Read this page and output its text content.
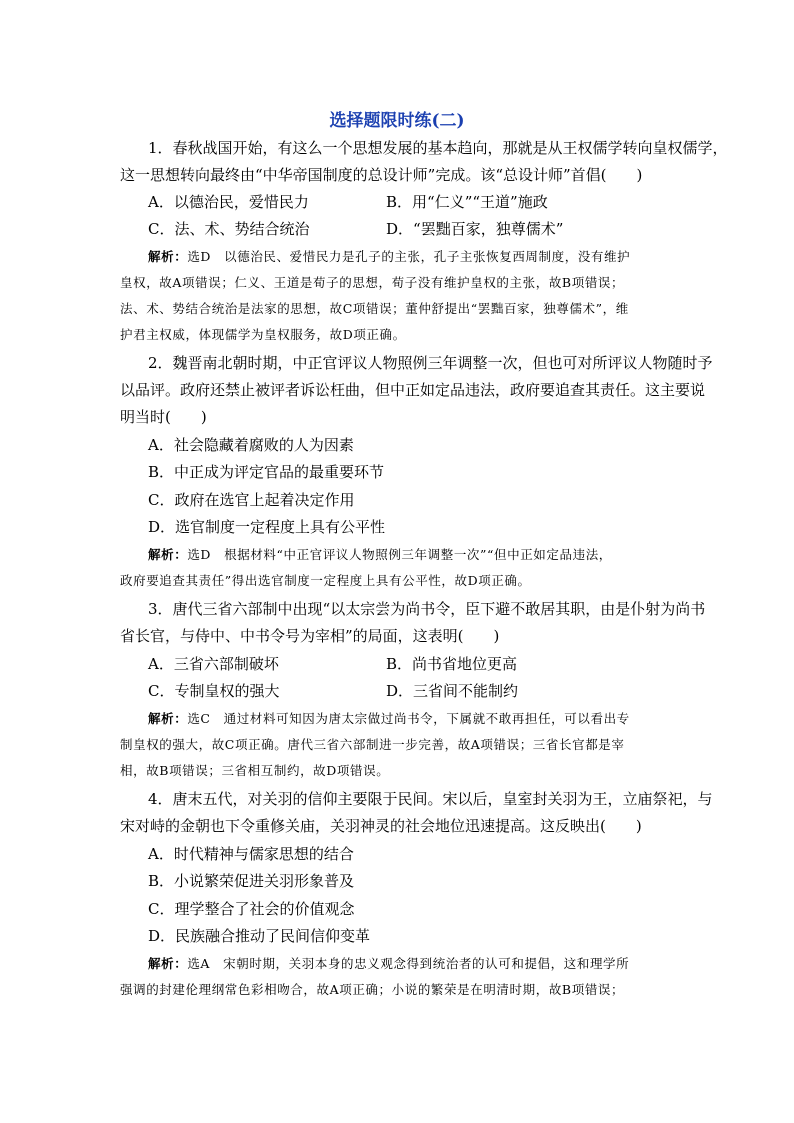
选择题限时练(二)
1．春秋战国开始，有这么一个思想发展的基本趋向，那就是从王权儒学转向皇权儒学，
这一思想转向最终由“中华帝国制度的总设计师”完成。该“总设计师”首倡(　　)
A．以德治民，爱惜民力	B．用“仁义”“王道”施政
C．法、术、势结合统治	D．“罢黜百家，独尊儒术”
解析：选D　以德治民、爱惜民力是孔子的主张，孔子主张恢复西周制度，没有维护
皇权，故A项错误；仁义、王道是荀子的思想，荀子没有维护皇权的主张，故B项错误；
法、术、势结合统治是法家的思想，故C项错误；董仲舒提出“罢黜百家，独尊儒术”，维
护君主权威，体现儒学为皇权服务，故D项正确。
2．魏晋南北朝时期，中正官评议人物照例三年调整一次，但也可对所评议人物随时予
以品评。政府还禁止被评者诉讼枉曲，但中正如定品违法，政府要追查其责任。这主要说
明当时(　　)
A．社会隐藏着腐败的人为因素
B．中正成为评定官品的最重要环节
C．政府在选官上起着决定作用
D．选官制度一定程度上具有公平性
解析：选D　根据材料“中正官评议人物照例三年调整一次”“但中正如定品违法，
政府要追查其责任”得出选官制度一定程度上具有公平性，故D项正确。
3．唐代三省六部制中出现“以太宗尝为尚书令，臣下避不敢居其职，由是仆射为尚书
省长官，与侍中、中书令号为宰相”的局面，这表明(　　)
A．三省六部制破坏	B．尚书省地位更高
C．专制皇权的强大	D．三省间不能制约
解析：选C　通过材料可知因为唐太宗做过尚书令，下属就不敢再担任，可以看出专
制皇权的强大，故C项正确。唐代三省六部制进一步完善，故A项错误；三省长官都是宰
相，故B项错误；三省相互制约，故D项错误。
4．唐末五代，对关羽的信仰主要限于民间。宋以后，皇室封关羽为王，立庙祭祀，与
宋对峙的金朝也下令重修关庙，关羽神灵的社会地位迅速提高。这反映出(　　)
A．时代精神与儒家思想的结合
B．小说繁荣促进关羽形象普及
C．理学整合了社会的价值观念
D．民族融合推动了民间信仰变革
解析：选A　宋朝时期，关羽本身的忠义观念得到统治者的认可和提倡，这和理学所
强调的封建伦理纲常色彩相吻合，故A项正确；小说的繁荣是在明清时期，故B项错误；
